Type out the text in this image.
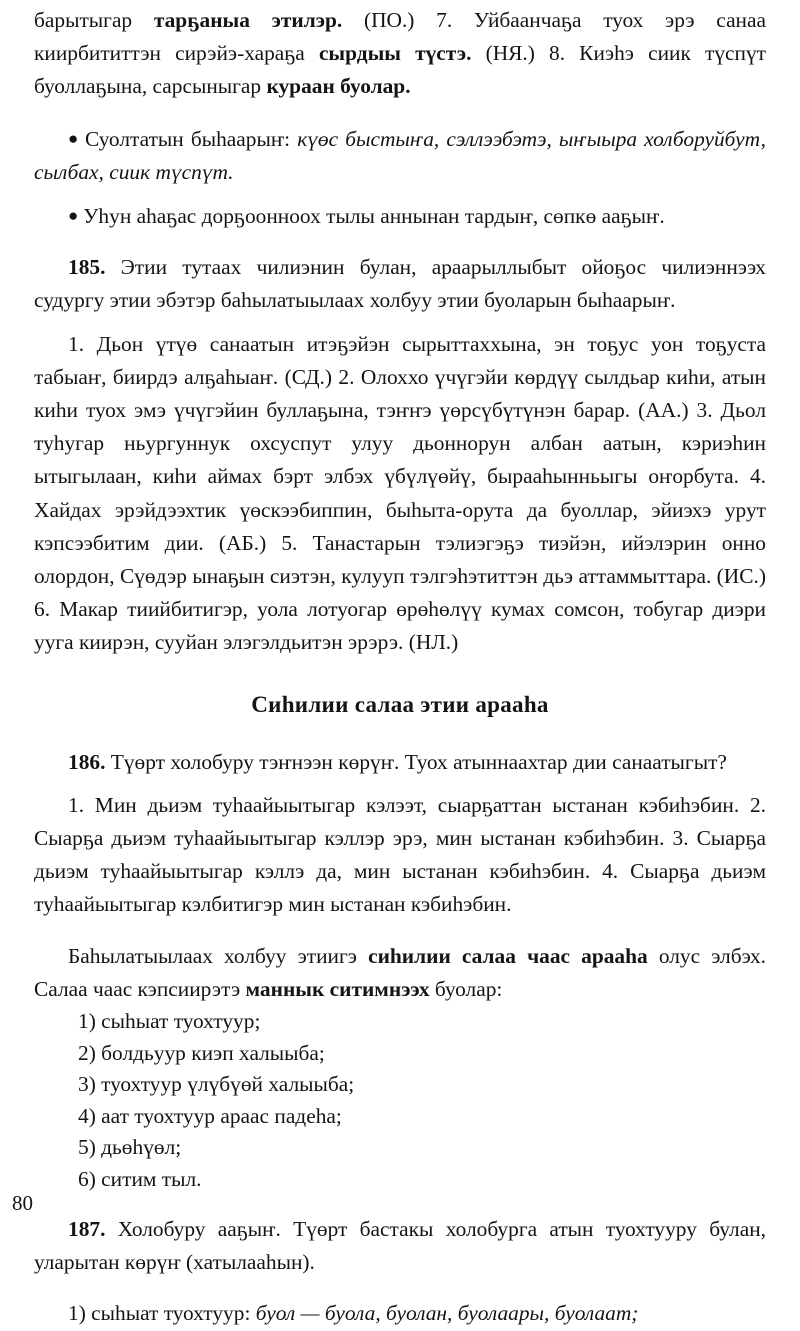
барытыгар тарҕаныа этилэр. (ПО.) 7. Уйбаанчаҕа туох эрэ санаа киирбититтэн сирэйэ-хараҕа сырдыы түстэ. (НЯ.) 8. Киэһэ сиик түспүт буоллаҕына, сарсыныгар кураан буолар.

● Суолтатын быһаарыҥ: күөс быстыҥа, сэллээбэтэ, ыҥыыра холборуйбут, сылбах, сиик түспүт.

● Уһун аһаҕас дорҕоонноох тылы аннынан тардыҥ, сөпкө ааҕыҥ.

185. Этии тутаах чилиэнин булан, араарыллыбыт ойоҕос чилиэннээх судургу этии эбэтэр баһылатыылаах холбуу этии буоларын быһаарыҥ.

1. Дьон үтүө санаатын итэҕэйэн сырыттаххына, эн тоҕус уон тоҕуста табыаҥ, биирдэ алҕаһыаҥ. (СД.) 2. Олоххо үчүгэйи көрдүү сылдьар киһи, атын киһи туох эмэ үчүгэйин буллаҕына, тэҥҥэ үөрсүбүтүнэн барар. (АА.) 3. Дьол туһугар ньургуннук охсуспут улуу дьоннорун албан аатын, кэриэһин ытыгылаан, киһи аймах бэрт элбэх үбүлүөйү, бырааһынньыгы оҥорбута. 4. Хайдах эрэйдээхтик үөскээбиппин, быһыта-орута да буоллар, эйиэхэ урут кэпсээбитим дии. (АБ.) 5. Танастарын тэлиэгэҕэ тиэйэн, ийэлэрин онно олордон, Сүөдэр ынаҕын сиэтэн, кулууп тэлгэһэтиттэн дьэ аттаммыттара. (ИС.) 6. Макар тиийбитигэр, уола лотуогар өрөһөлүү кумах сомсон, тобугар диэри ууга киирэн, сууйан элэгэлдьитэн эрэрэ. (НЛ.)

Сиһилии салаа этии арааһа

186. Түөрт холобуру тэҥнээн көрүҥ. Туох атыннаахтар дии санаатыгыт?

1. Мин дьиэм туһаайыытыгар кэлээт, сыарҕаттан ыстанан кэбиһэбин. 2. Сыарҕа дьиэм туһаайыытыгар кэллэр эрэ, мин ыстанан кэбиһэбин. 3. Сыарҕа дьиэм туһаайыытыгар кэллэ да, мин ыстанан кэбиһэбин. 4. Сыарҕа дьиэм туһаайыытыгар кэлбитигэр мин ыстанан кэбиһэбин.

Баһылатыылаах холбуу этиигэ сиһилии салаа чаас арааһа олус элбэх. Салаа чаас кэпсиирэтэ маннык ситимнээх буолар:

1) сыһыат туохтуур;
2) болдьуур киэп халыыба;
3) туохтуур үлүбүөй халыыба;
4) аат туохтуур араас падеһа;
5) дьөһүөл;
6) ситим тыл.

187. Холобуру ааҕыҥ. Түөрт бастакы холобурга атын туохтууру булан, уларытан көрүҥ (хатылааһын).

1) сыһыат туохтуур: буол — буола, буолан, буолаары, буолаат;

80
